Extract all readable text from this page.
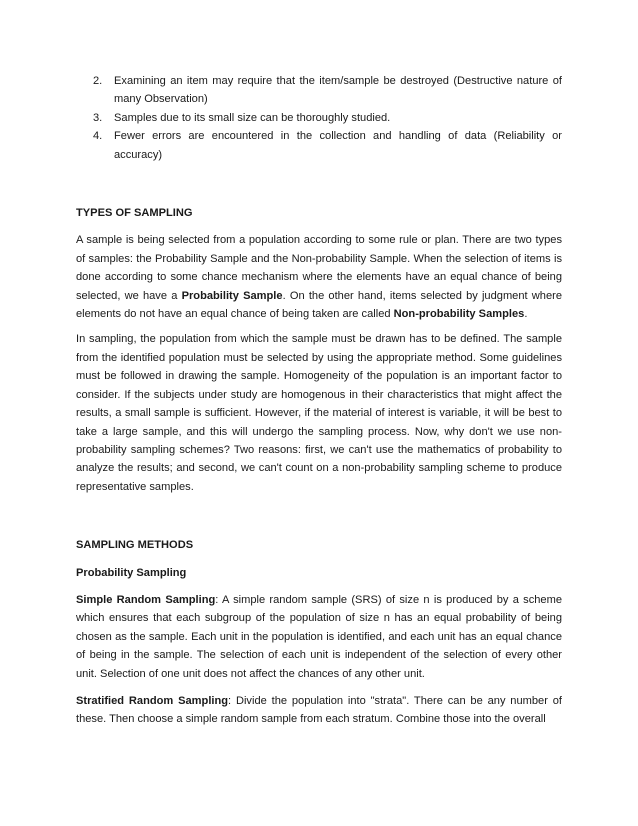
2. Examining an item may require that the item/sample be destroyed (Destructive nature of many Observation)
3. Samples due to its small size can be thoroughly studied.
4. Fewer errors are encountered in the collection and handling of data (Reliability or accuracy)
TYPES OF SAMPLING

A sample is being selected from a population according to some rule or plan. There are two types of samples: the Probability Sample and the Non-probability Sample. When the selection of items is done according to some chance mechanism where the elements have an equal chance of being selected, we have a Probability Sample. On the other hand, items selected by judgment where elements do not have an equal chance of being taken are called Non-probability Samples.

In sampling, the population from which the sample must be drawn has to be defined. The sample from the identified population must be selected by using the appropriate method. Some guidelines must be followed in drawing the sample. Homogeneity of the population is an important factor to consider. If the subjects under study are homogenous in their characteristics that might affect the results, a small sample is sufficient. However, if the material of interest is variable, it will be best to take a large sample, and this will undergo the sampling process. Now, why don't we use non-probability sampling schemes? Two reasons: first, we can't use the mathematics of probability to analyze the results; and second, we can't count on a non-probability sampling scheme to produce representative samples.

SAMPLING METHODS
Probability Sampling

Simple Random Sampling: A simple random sample (SRS) of size n is produced by a scheme which ensures that each subgroup of the population of size n has an equal probability of being chosen as the sample. Each unit in the population is identified, and each unit has an equal chance of being in the sample. The selection of each unit is independent of the selection of every other unit. Selection of one unit does not affect the chances of any other unit.

Stratified Random Sampling: Divide the population into "strata". There can be any number of these. Then choose a simple random sample from each stratum. Combine those into the overall
